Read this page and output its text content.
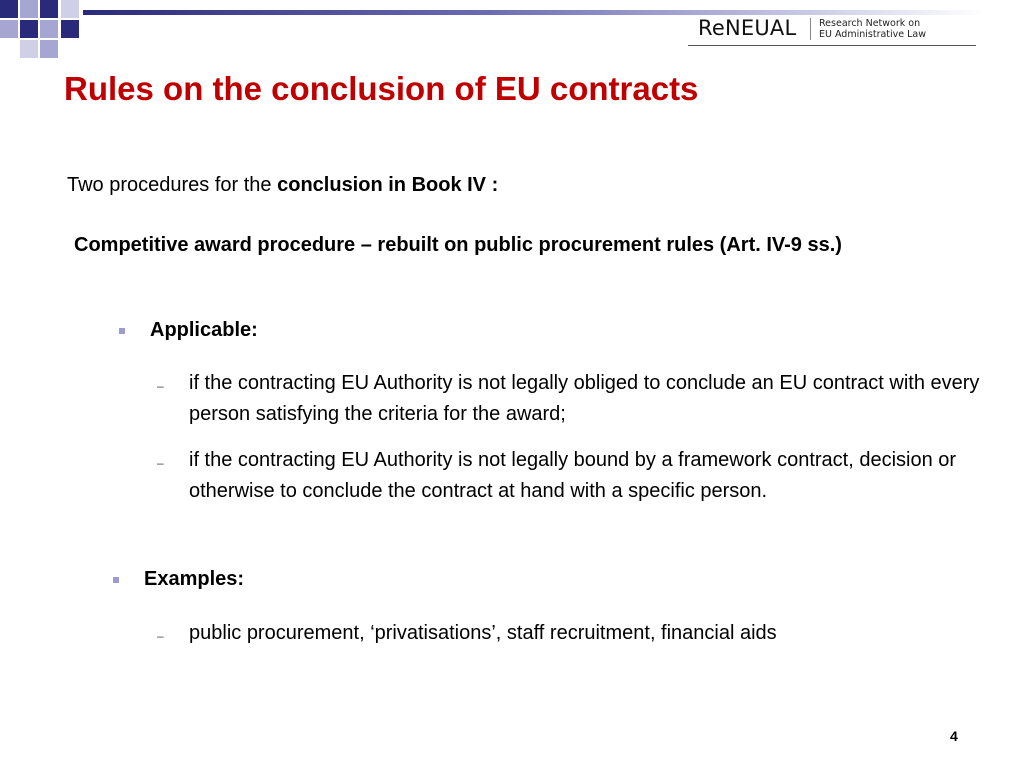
ReNEUAL Research Network on
EU Administrative Law
Rules on the conclusion of EU contracts
Two procedures for the conclusion in Book IV :
Competitive award procedure – rebuilt on public procurement rules (Art. IV-9 ss.)
Applicable:
– if the contracting EU Authority is not legally obliged to conclude an EU contract with every person satisfying the criteria for the award;
– if the contracting EU Authority is not legally bound by a framework contract, decision or otherwise to conclude the contract at hand with a specific person.
Examples:
– public procurement, ‘privatisations’, staff recruitment, financial aids
4
